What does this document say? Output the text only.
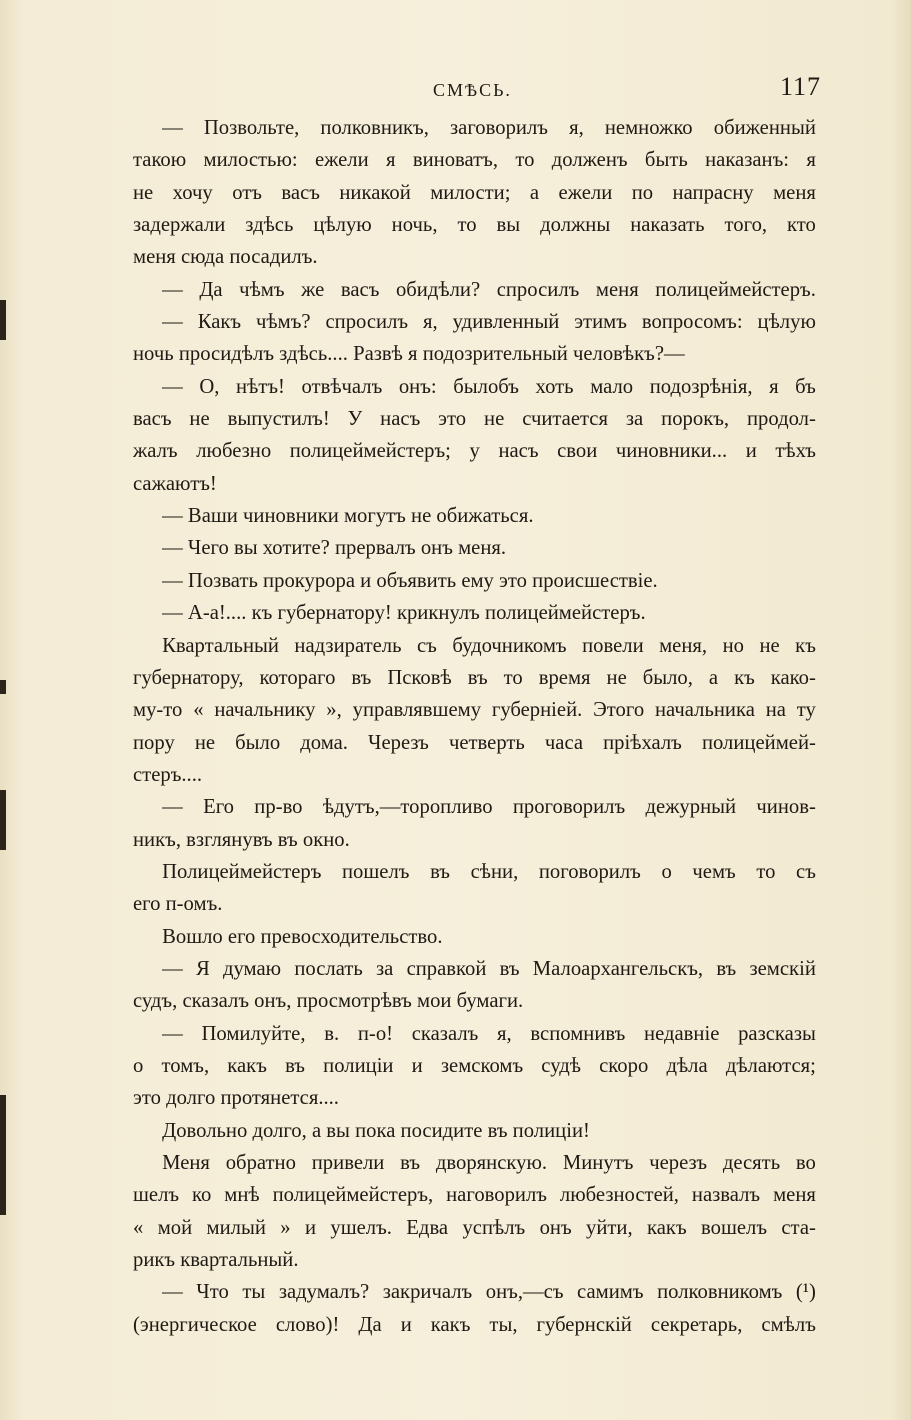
СМѢСЬ.	117
— Позвольте, полковникъ, заговорилъ я, немножко обиженный
такою милостью: ежели я виноватъ, то долженъ быть наказанъ: я
не хочу отъ васъ никакой милости; а ежели по напрасну меня
задержали здѣсь цѣлую ночь, то вы должны наказать того, кто
меня сюда посадилъ.
— Да чѣмъ же васъ обидѣли? спросилъ меня полицеймейстеръ.
— Какъ чѣмъ? спросилъ я, удивленный этимъ вопросомъ: цѣлую
ночь просидѣлъ здѣсь.... Развѣ я подозрительный человѣкъ?—
— О, нѣтъ! отвѣчалъ онъ: былобъ хоть мало подозрѣнія, я бъ
васъ не выпустилъ! У насъ это не считается за порокъ, продол-
жалъ любезно полицеймейстеръ; у насъ свои чиновники... и тѣхъ
сажаютъ!
— Ваши чиновники могутъ не обижаться.
— Чего вы хотите? прервалъ онъ меня.
— Позвать прокурора и объявить ему это происшествіе.
— А-а!.... къ губернатору! крикнулъ полицеймейстеръ.
Квартальный надзиратель съ будочникомъ повели меня, но не къ
губернатору, котораго въ Псковѣ въ то время не было, а къ како-
му-то « начальнику », управлявшему губерніей. Этого начальника на ту
пору не было дома. Черезъ четверть часа пріѣхалъ полицеймей-
стеръ....
— Его пр-во ѣдутъ,—торопливо проговорилъ дежурный чинов-
никъ, взглянувъ въ окно.
Полицеймейстеръ пошелъ въ сѣни, поговорилъ о чемъ то съ
его п-омъ.
Вошло его превосходительство.
— Я думаю послать за справкой въ Малоархангельскъ, въ земскій
судъ, сказалъ онъ, просмотрѣвъ мои бумаги.
— Помилуйте, в. п-о! сказалъ я, вспомнивъ недавніе разсказы
о томъ, какъ въ полиціи и земскомъ судѣ скоро дѣла дѣлаются;
это долго протянется....
Довольно долго, а вы пока посидите въ полиціи!
Меня обратно привели въ дворянскую. Минутъ черезъ десять во
шелъ ко мнѣ полицеймейстеръ, наговорилъ любезностей, назвалъ меня
« мой милый » и ушелъ. Едва успѣлъ онъ уйти, какъ вошелъ ста-
рикъ квартальный.
— Что ты задумалъ? закричалъ онъ,—съ самимъ полковникомъ (¹)
(энергическое слово)! Да и какъ ты, губернскій секретарь, смѣлъ
